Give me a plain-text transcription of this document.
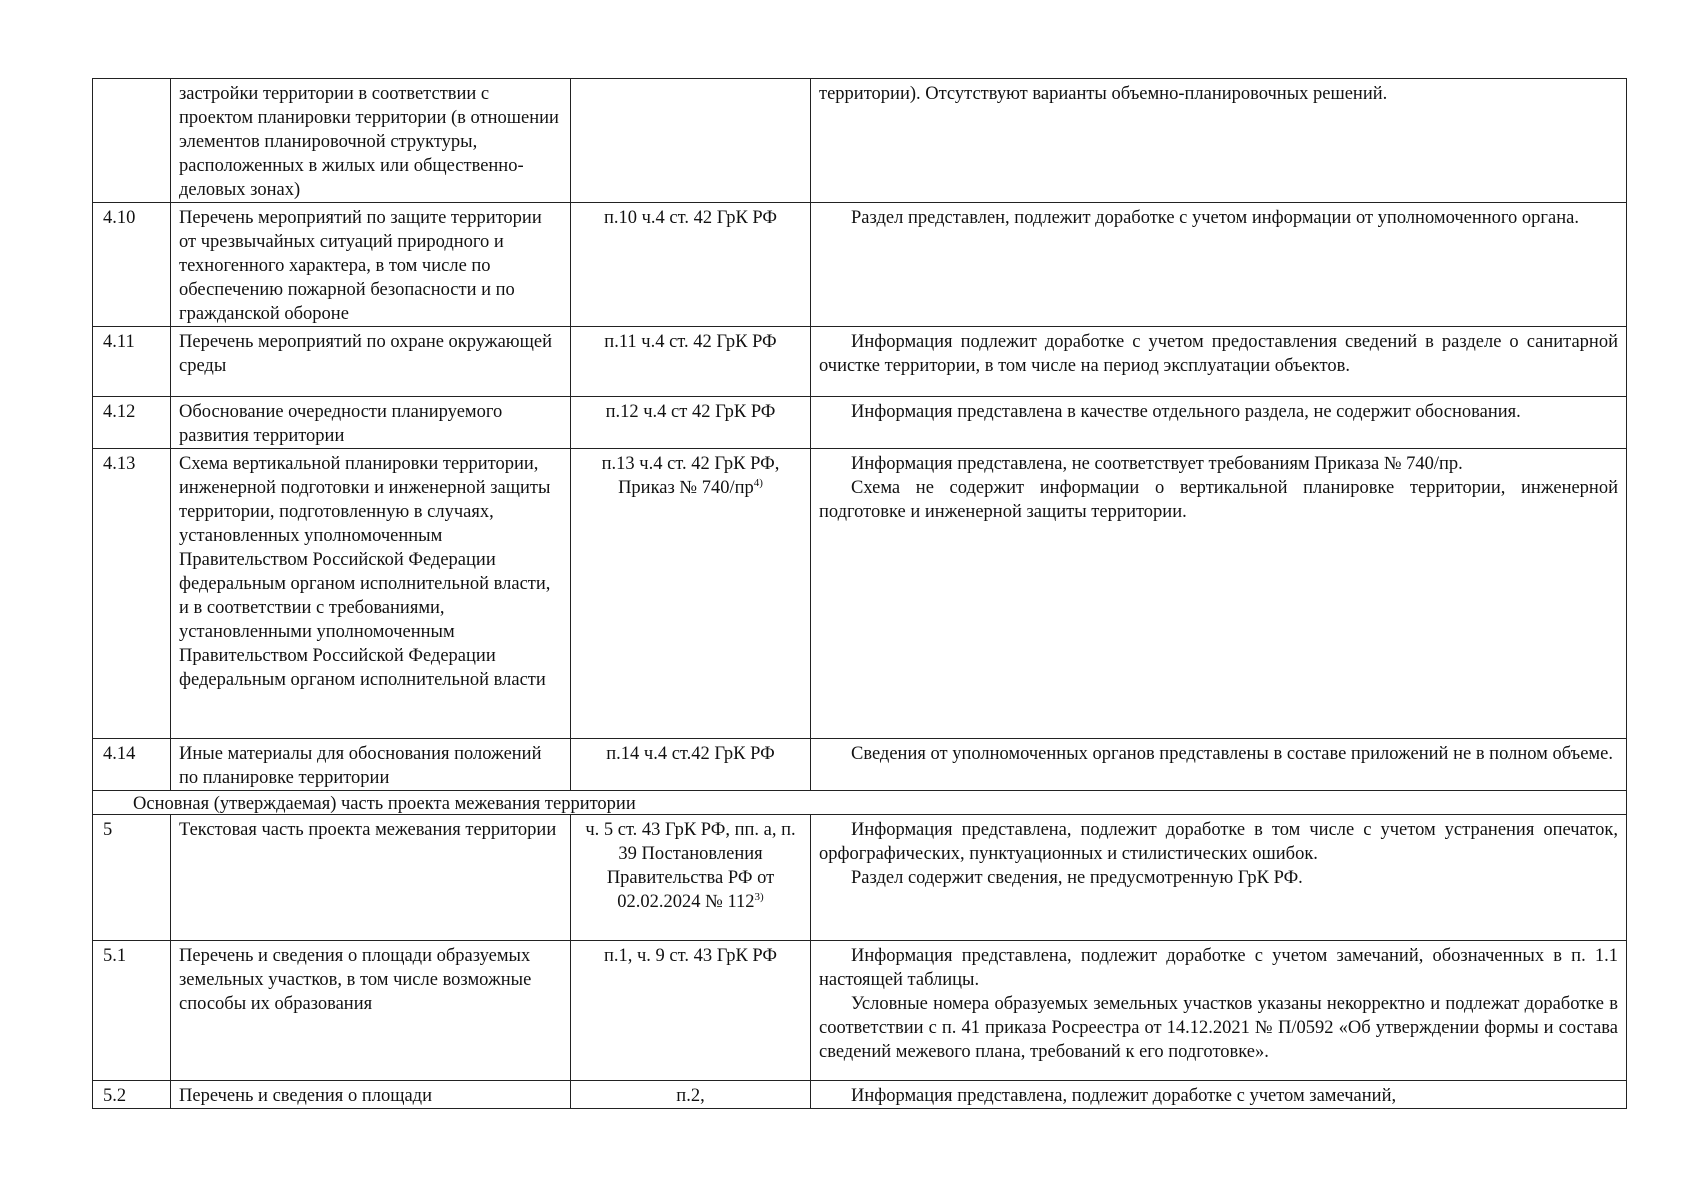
	застройки территории в соответствии с проектом планировки территории (в отношении элементов планировочной структуры, расположенных в жилых или общественно-деловых зонах)		территории). Отсутствуют варианты объемно-планировочных решений.

4.10	Перечень мероприятий по защите территории от чрезвычайных ситуаций природного и техногенного характера, в том числе по обеспечению пожарной безопасности и по гражданской обороне	п.10 ч.4 ст. 42 ГрК РФ	Раздел представлен, подлежит доработке с учетом информации от уполномоченного органа.

4.11	Перечень мероприятий по охране окружающей среды	п.11 ч.4 ст. 42 ГрК РФ	Информация подлежит доработке с учетом предоставления сведений в разделе о санитарной очистке территории, в том числе на период эксплуатации объектов.

4.12	Обоснование очередности планируемого развития территории	п.12 ч.4 ст 42 ГрК РФ	Информация представлена в качестве отдельного раздела, не содержит обоснования.

4.13	Схема вертикальной планировки территории, инженерной подготовки и инженерной защиты территории, подготовленную в случаях, установленных уполномоченным Правительством Российской Федерации федеральным органом исполнительной власти, и в соответствии с требованиями, установленными уполномоченным Правительством Российской Федерации федеральным органом исполнительной власти	п.13 ч.4 ст. 42 ГрК РФ, Приказ № $740/пр^{4)}$	Информация представлена, не соответствует требованиям Приказа № 740/пр.

Схема не содержит информации о вертикальной планировке территории, инженерной подготовке и инженерной защиты территории.

4.14	Иные материалы для обоснования положений по планировке территории	п.14 ч.4 ст.42 ГрК РФ	Сведения от уполномоченных органов представлены в составе приложений не в полном объеме.

Основная (утверждаемая) часть проекта межевания территории			
5	Текстовая часть проекта межевания территории	ч. 5 ст. 43 ГрК РФ, пп. а, п. 39 Постановления Правительства РФ от 02.02.2024 № 112$^{3)}$	Информация представлена, подлежит доработке в том числе с учетом устранения опечаток, орфографических, пунктуационных и стилистических ошибок.

Раздел содержит сведения, не предусмотренную ГрК РФ.

5.1	Перечень и сведения о площади образуемых земельных участков, в том числе возможные способы их образования	п.1, ч. 9 ст. 43 ГрК РФ	Информация представлена, подлежит доработке с учетом замечаний, обозначенных в п. 1.1 настоящей таблицы.

Условные номера образуемых земельных участков указаны некорректно и подлежат доработке в соответствии с п. 41 приказа Росреестра от 14.12.2021 № П/0592 «Об утверждении формы и состава сведений межевого плана, требований к его подготовке».

5.2	Перечень и сведения о площади	п.2,	Информация представлена, подлежит доработке с учетом замечаний,
